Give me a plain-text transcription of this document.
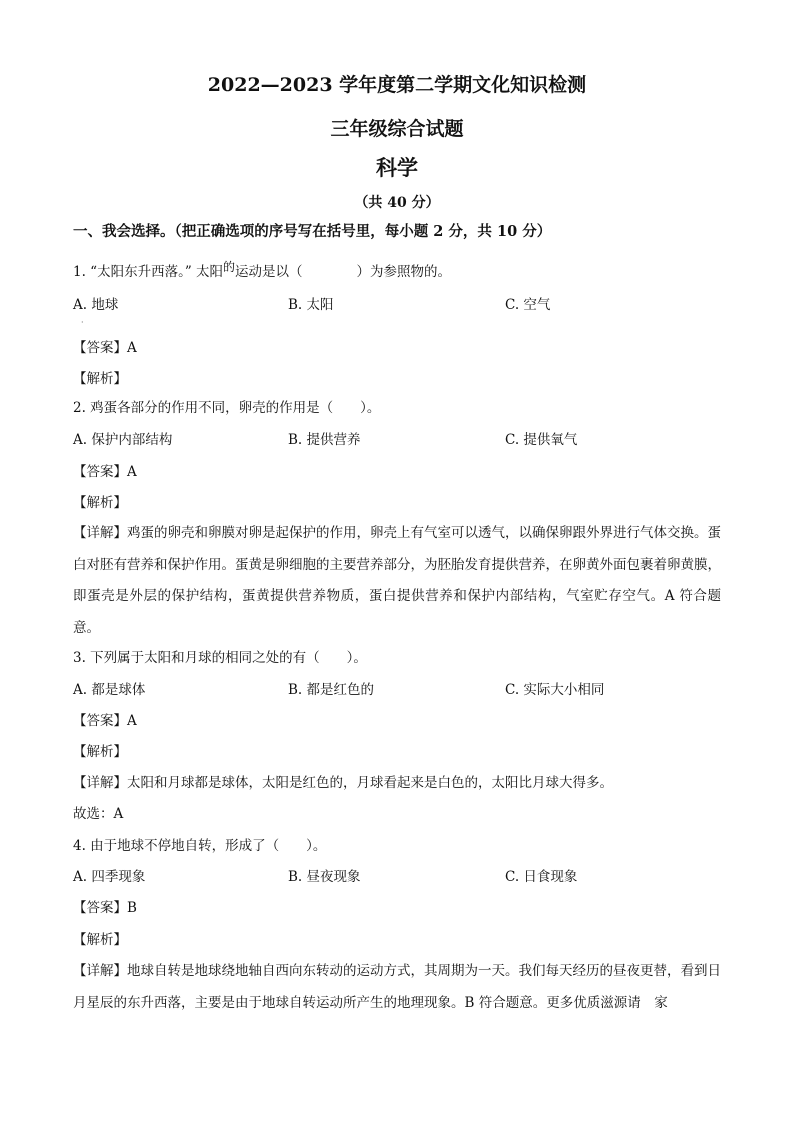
2022—2023 学年度第二学期文化知识检测
三年级综合试题
科学
（共 40 分）
一、我会选择。（把正确选项的序号写在括号里，每小题 2 分，共 10 分）
1. “太阳东升西落。” 太阳的运动是以（　　　　）为参照物的。
A. 地球	B. 太阳	C. 空气
·
【答案】A
【解析】
2. 鸡蛋各部分的作用不同，卵壳的作用是（　　）。
A. 保护内部结构	B. 提供营养	C. 提供氧气
【答案】A
【解析】
【详解】鸡蛋的卵壳和卵膜对卵是起保护的作用，卵壳上有气室可以透气，以确保卵跟外界进行气体交换。蛋白对胚有营养和保护作用。蛋黄是卵细胞的主要营养部分，为胚胎发育提供营养，在卵黄外面包裹着卵黄膜，即蛋壳是外层的保护结构，蛋黄提供营养物质，蛋白提供营养和保护内部结构，气室贮存空气。A 符合题意。
3. 下列属于太阳和月球的相同之处的有（　　）。
A. 都是球体	B. 都是红色的	C. 实际大小相同
【答案】A
【解析】
【详解】太阳和月球都是球体，太阳是红色的，月球看起来是白色的，太阳比月球大得多。
故选：A
4. 由于地球不停地自转，形成了（　　）。
A. 四季现象	B. 昼夜现象	C. 日食现象
【答案】B
【解析】
【详解】地球自转是地球绕地轴自西向东转动的运动方式，其周期为一天。我们每天经历的昼夜更替，看到日月星辰的东升西落，主要是由于地球自转运动所产生的地理现象。B 符合题意。更多优质滋源请　家
